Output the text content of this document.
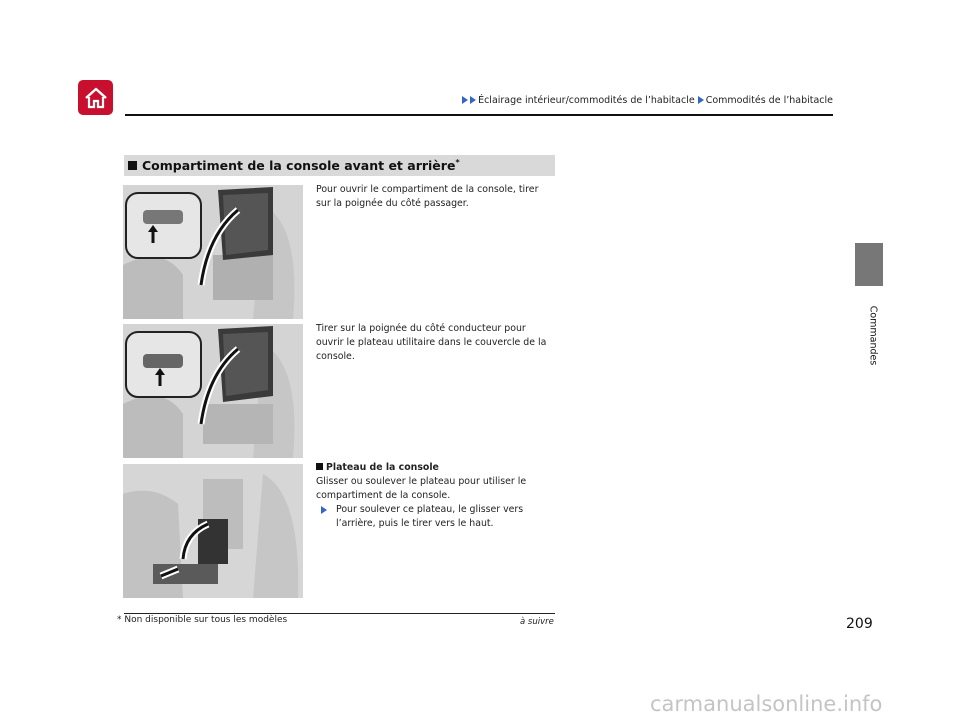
Éclairage intérieur/commodités de l’habitacle Commodités de l’habitacle
Commandes
Compartiment de la console avant et arrière*
Pour ouvrir le compartiment de la console, tirer sur la poignée du côté passager.
Tirer sur la poignée du côté conducteur pour ouvrir le plateau utilitaire dans le couvercle de la console.
Plateau de la console
Glisser ou soulever le plateau pour utiliser le compartiment de la console.
Pour soulever ce plateau, le glisser vers l’arrière, puis le tirer vers le haut.
* Non disponible sur tous les modèles	à suivre	209
carmanualsonline.info
